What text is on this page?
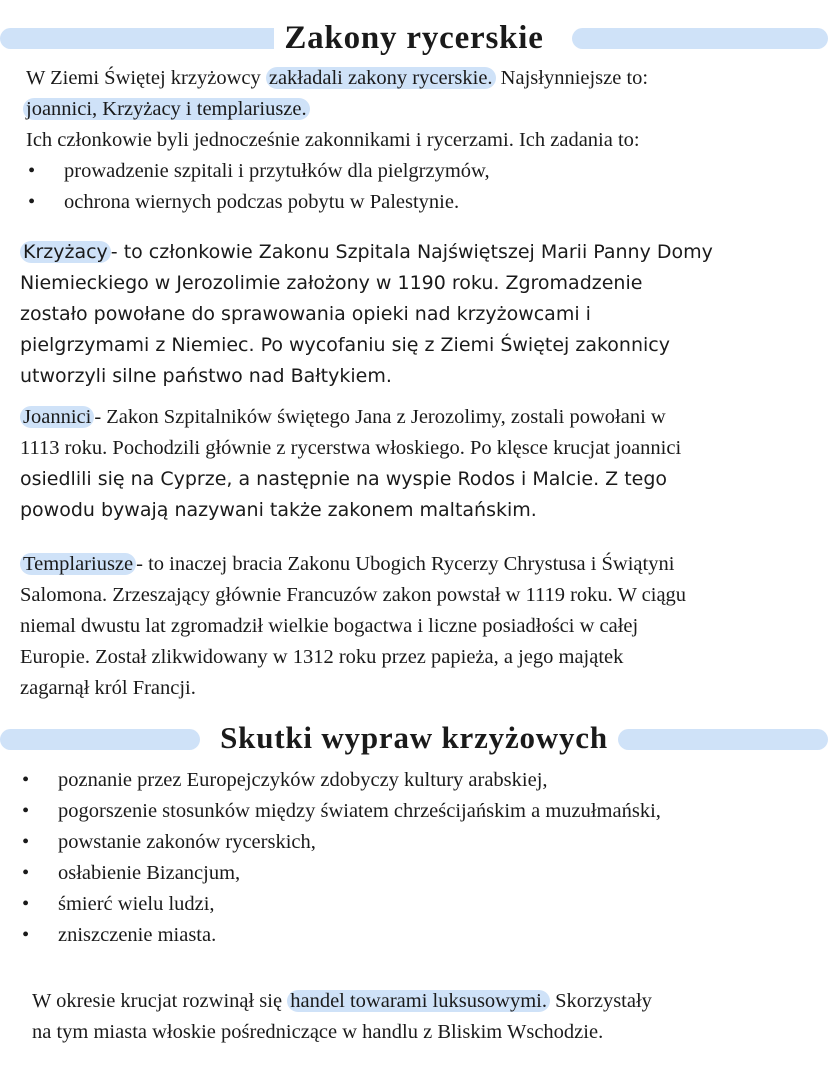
Zakony rycerskie
W Ziemi Świętej krzyżowcy zakładali zakony rycerskie. Najsłynniejsze to:
joannici, Krzyżacy i templariusze.
Ich członkowie byli jednocześnie zakonnikami i rycerzami. Ich zadania to:
• prowadzenie szpitali i przytułków dla pielgrzymów,
• ochrona wiernych podczas pobytu w Palestynie.
Krzyżacy - to członkowie Zakonu Szpitala Najświętszej Marii Panny Domy
Niemieckiego w Jerozolimie założony w 1190 roku. Zgromadzenie
zostało powołane do sprawowania opieki nad krzyżowcami i
pielgrzymami z Niemiec. Po wycofaniu się z Ziemi Świętej zakonnicy
utworzyli silne państwo nad Bałtykiem.
Joannici - Zakon Szpitalników świętego Jana z Jerozolimy, zostali powołani w
1113 roku. Pochodzili głównie z rycerstwa włoskiego. Po klęsce krucjat joannici
osiedlili się na Cyprze, a następnie na wyspie Rodos i Malcie. Z tego
powodu bywają nazywani także zakonem maltańskim.
Templariusze - to inaczej bracia Zakonu Ubogich Rycerzy Chrystusa i Świątyni
Salomona. Zrzeszający głównie Francuzów zakon powstał w 1119 roku. W ciągu
niemal dwustu lat zgromadził wielkie bogactwa i liczne posiadłości w całej
Europie. Został zlikwidowany w 1312 roku przez papieża, a jego majątek
zagarnął król Francji.
Skutki wypraw krzyżowych
• poznanie przez Europejczyków zdobyczy kultury arabskiej,
• pogorszenie stosunków między światem chrześcijańskim a muzułmański,
• powstanie zakonów rycerskich,
• osłabienie Bizancjum,
• śmierć wielu ludzi,
• zniszczenie miasta.
W okresie krucjat rozwinął się handel towarami luksusowymi. Skorzystały
na tym miasta włoskie pośredniczące w handlu z Bliskim Wschodzie.
